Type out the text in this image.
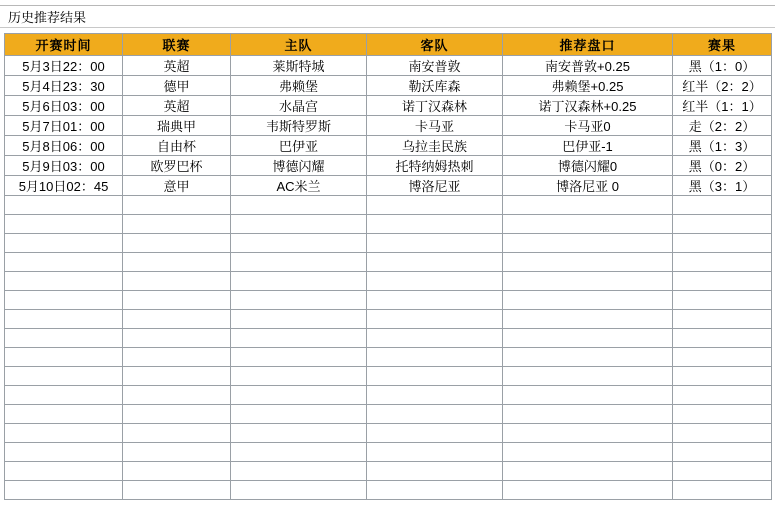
历史推荐结果
开赛时间	联赛	主队	客队	推荐盘口	赛果
5月3日22：00	英超	莱斯特城	南安普敦	南安普敦+0.25	黑（1：0）
5月4日23：30	德甲	弗赖堡	勒沃库森	弗赖堡+0.25	红半（2：2）
5月6日03：00	英超	水晶宫	诺丁汉森林	诺丁汉森林+0.25	红半（1：1）
5月7日01：00	瑞典甲	韦斯特罗斯	卡马亚	卡马亚0	走（2：2）
5月8日06：00	自由杯	巴伊亚	乌拉圭民族	巴伊亚-1	黑（1：3）
5月9日03：00	欧罗巴杯	博德闪耀	托特纳姆热刺	博德闪耀0	黑（0：2）
5月10日02：45	意甲	AC米兰	博洛尼亚	博洛尼亚 0	黑（3：1）
